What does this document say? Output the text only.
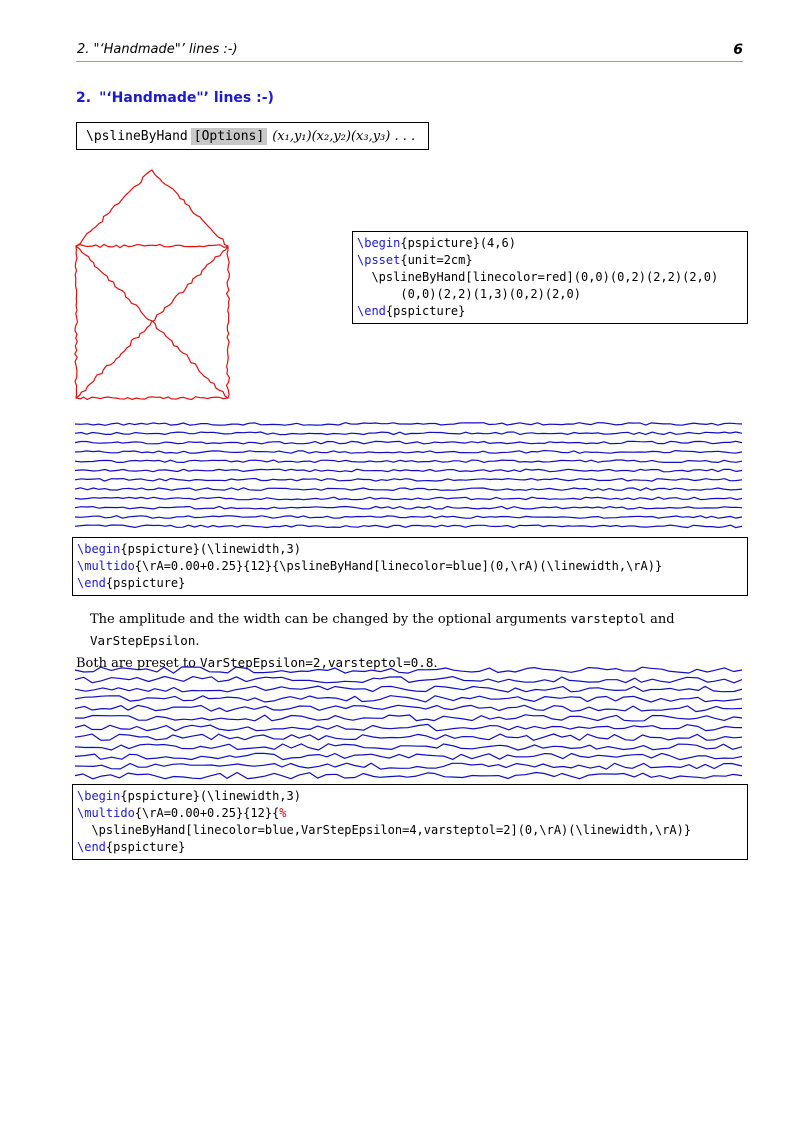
2. "‘Handmade"’ lines :-)	6
2. "‘Handmade"’ lines :-)
\pslineByHand [Options] (x₁,y₁)(x₂,y₂)(x₃,y₃) . . .
\begin{pspicture}(4,6)
\psset{unit=2cm}
\pslineByHand[linecolor=red](0,0)(0,2)(2,2)(2,0)
(0,0)(2,2)(1,3)(0,2)(2,0)
\end{pspicture}
\begin{pspicture}(\linewidth,3)
\multido{\rA=0.00+0.25}{12}{\pslineByHand[linecolor=blue](0,\rA)(\linewidth,\rA)}
\end{pspicture}

The amplitude and the width can be changed by the optional arguments varsteptol and VarStepEpsilon.

Both are preset to VarStepEpsilon=2,varsteptol=0.8.

\begin{pspicture}(\linewidth,3)
\multido{\rA=0.00+0.25}{12}{%
\pslineByHand[linecolor=blue,VarStepEpsilon=4,varsteptol=2](0,\rA)(\linewidth,\rA)}
\end{pspicture}
